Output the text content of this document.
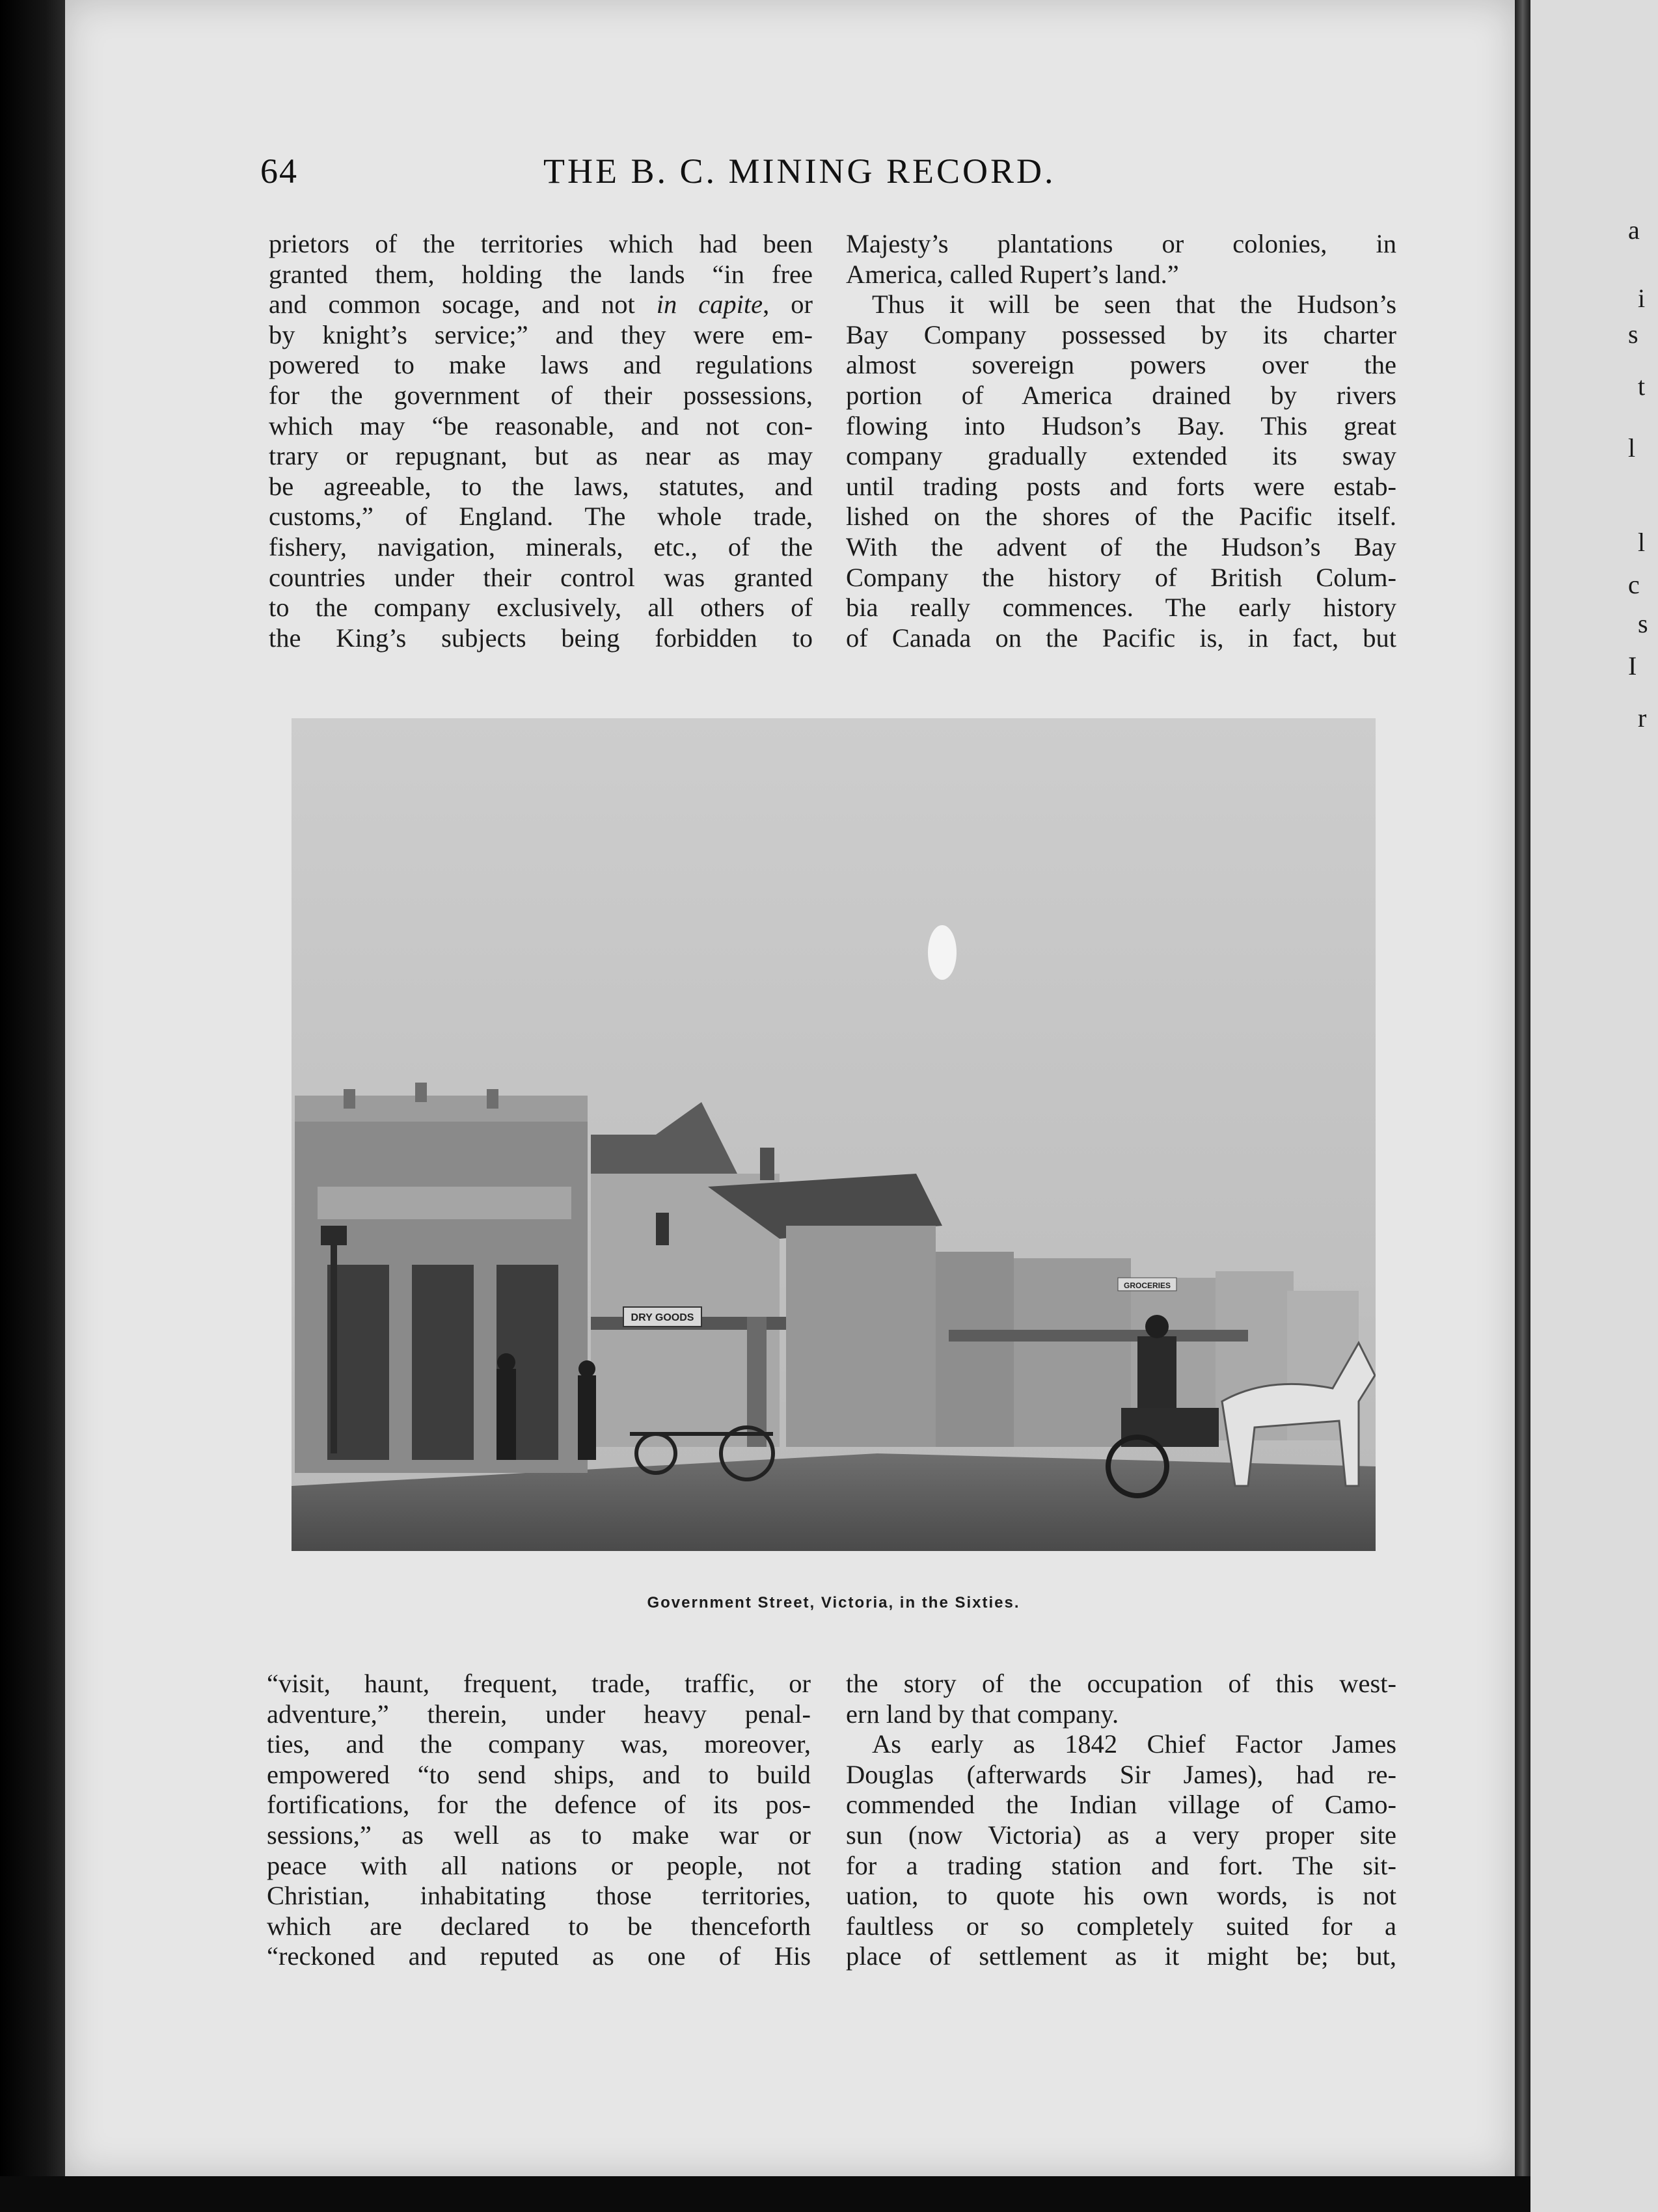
64	THE B. C. MINING RECORD.
prietors of the territories which had been
granted them, holding the lands “in free
and common socage, and not in capite, or
by knight’s service;” and they were em-
powered to make laws and regulations
for the government of their possessions,
which may “be reasonable, and not con-
trary or repugnant, but as near as may
be agreeable, to the laws, statutes, and
customs,” of England. The whole trade,
fishery, navigation, minerals, etc., of the
countries under their control was granted
to the company exclusively, all others of
the King’s subjects being forbidden to
Majesty’s plantations or colonies, in
America, called Rupert’s land.”
Thus it will be seen that the Hudson’s
Bay Company possessed by its charter
almost sovereign powers over the
portion of America drained by rivers
flowing into Hudson’s Bay. This great
company gradually extended its sway
until trading posts and forts were estab-
lished on the shores of the Pacific itself.
With the advent of the Hudson’s Bay
Company the history of British Colum-
bia really commences. The early history
of Canada on the Pacific is, in fact, but
DRY GOODS
GROCERIES
Government Street, Victoria, in the Sixties.
“visit, haunt, frequent, trade, traffic, or
adventure,” therein, under heavy penal-
ties, and the company was, moreover,
empowered “to send ships, and to build
fortifications, for the defence of its pos-
sessions,” as well as to make war or
peace with all nations or people, not
Christian, inhabitating those territories,
which are declared to be thenceforth
“reckoned and reputed as one of His
the story of the occupation of this west-
ern land by that company.
As early as 1842 Chief Factor James
Douglas (afterwards Sir James), had re-
commended the Indian village of Camo-
sun (now Victoria) as a very proper site
for a trading station and fort. The sit-
uation, to quote his own words, is not
faultless or so completely suited for a
place of settlement as it might be; but,
a
i
s
t
l
l
c
s
I
r
